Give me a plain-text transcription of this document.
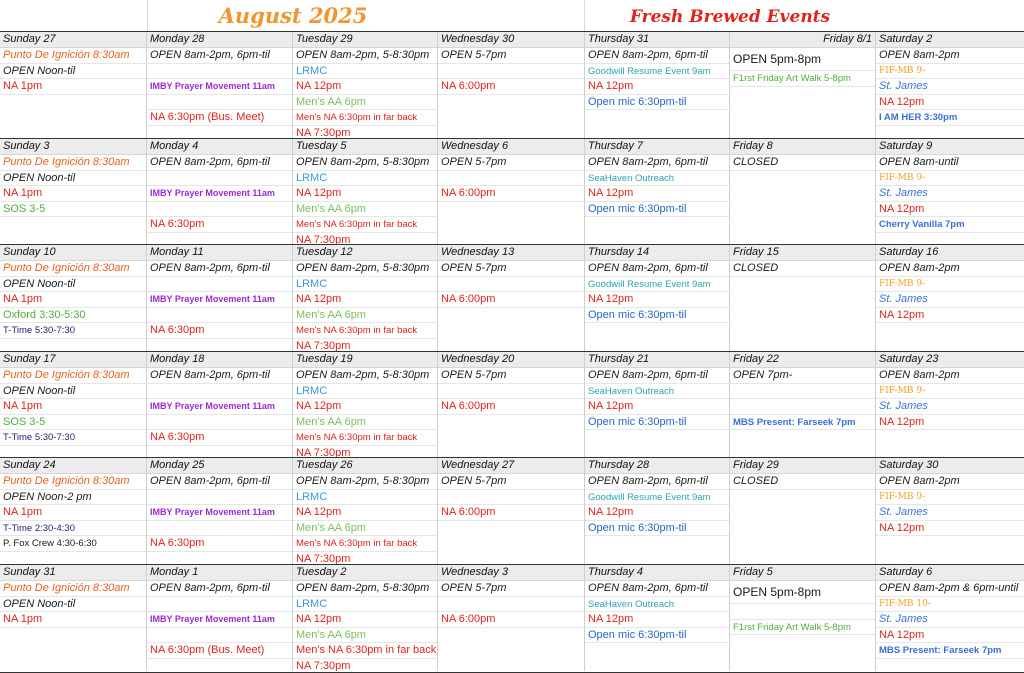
August 2025	Fresh Brewed Events
Sunday 27
Punto De Ignición 8:30am
OPEN Noon-til
NA 1pm
Monday 28
OPEN 8am-2pm, 6pm-til
IMBY Prayer Movement 11am
NA 6:30pm (Bus. Meet)
Tuesday 29
OPEN 8am-2pm, 5-8:30pm
LRMC
NA 12pm
Men's AA 6pm
Men's NA 6:30pm in far back
NA 7:30pm
Wednesday 30
OPEN 5-7pm
NA 6:00pm
Thursday 31
OPEN 8am-2pm, 6pm-til
Goodwill Resume Event 9am
NA 12pm
Open mic 6:30pm-til
Friday 8/1
OPEN 5pm-8pm
F1rst Friday Art Walk 5-8pm
Saturday 2
OPEN 8am-2pm
FIF-MB 9-
St. James
NA 12pm
I AM HER 3:30pm
Sunday 3
Punto De Ignición 8:30am
OPEN Noon-til
NA 1pm
SOS 3-5
Monday 4
OPEN 8am-2pm, 6pm-til
IMBY Prayer Movement 11am
NA 6:30pm
Tuesday 5
OPEN 8am-2pm, 5-8:30pm
LRMC
NA 12pm
Men's AA 6pm
Men's NA 6:30pm in far back
NA 7:30pm
Wednesday 6
OPEN 5-7pm
NA 6:00pm
Thursday 7
OPEN 8am-2pm, 6pm-til
SeaHaven Outreach
NA 12pm
Open mic 6:30pm-til
Friday 8
CLOSED
Saturday 9
OPEN 8am-until
FIF-MB 9-
St. James
NA 12pm
Cherry Vanilla 7pm
Sunday 10
Punto De Ignición 8:30am
OPEN Noon-til
NA 1pm
Oxford 3:30-5:30
T-Time 5:30-7:30
Monday 11
OPEN 8am-2pm, 6pm-til
IMBY Prayer Movement 11am
NA 6:30pm
Tuesday 12
OPEN 8am-2pm, 5-8:30pm
LRMC
NA 12pm
Men's AA 6pm
Men's NA 6:30pm in far back
NA 7:30pm
Wednesday 13
OPEN 5-7pm
NA 6:00pm
Thursday 14
OPEN 8am-2pm, 6pm-til
Goodwill Resume Event 9am
NA 12pm
Open mic 6:30pm-til
Friday 15
CLOSED
Saturday 16
OPEN 8am-2pm
FIF-MB 9-
St. James
NA 12pm
Sunday 17
Punto De Ignición 8:30am
OPEN Noon-til
NA 1pm
SOS 3-5
T-Time 5:30-7:30
Monday 18
OPEN 8am-2pm, 6pm-til
IMBY Prayer Movement 11am
NA 6:30pm
Tuesday 19
OPEN 8am-2pm, 5-8:30pm
LRMC
NA 12pm
Men's AA 6pm
Men's NA 6:30pm in far back
NA 7:30pm
Wednesday 20
OPEN 5-7pm
NA 6:00pm
Thursday 21
OPEN 8am-2pm, 6pm-til
SeaHaven Outreach
NA 12pm
Open mic 6:30pm-til
Friday 22
OPEN 7pm-
MBS Present: Farseek 7pm
Saturday 23
OPEN 8am-2pm
FIF-MB 9-
St. James
NA 12pm
Sunday 24
Punto De Ignición 8:30am
OPEN Noon-2 pm
NA 1pm
T-Time 2:30-4:30
P. Fox Crew 4:30-6:30
Monday 25
OPEN 8am-2pm, 6pm-til
IMBY Prayer Movement 11am
NA 6:30pm
Tuesday 26
OPEN 8am-2pm, 5-8:30pm
LRMC
NA 12pm
Men's AA 6pm
Men's NA 6:30pm in far back
NA 7:30pm
Wednesday 27
OPEN 5-7pm
NA 6:00pm
Thursday 28
OPEN 8am-2pm, 6pm-til
Goodwill Resume Event 9am
NA 12pm
Open mic 6:30pm-til
Friday 29
CLOSED
Saturday 30
OPEN 8am-2pm
FIF-MB 9-
St. James
NA 12pm
Sunday 31
Punto De Ignición 8:30am
OPEN Noon-til
NA 1pm
Monday 1
OPEN 8am-2pm, 6pm-til
IMBY Prayer Movement 11am
NA 6:30pm (Bus. Meet)
Tuesday 2
OPEN 8am-2pm, 5-8:30pm
LRMC
NA 12pm
Men's AA 6pm
Men's NA 6:30pm in far back
NA 7:30pm
Wednesday 3
OPEN 5-7pm
NA 6:00pm
Thursday 4
OPEN 8am-2pm, 6pm-til
SeaHaven Outreach
NA 12pm
Open mic 6:30pm-til
Friday 5
OPEN 5pm-8pm
F1rst Friday Art Walk 5-8pm
Saturday 6
OPEN 8am-2pm & 6pm-until
FIF-MB 10-
St. James
NA 12pm
MBS Present: Farseek 7pm
